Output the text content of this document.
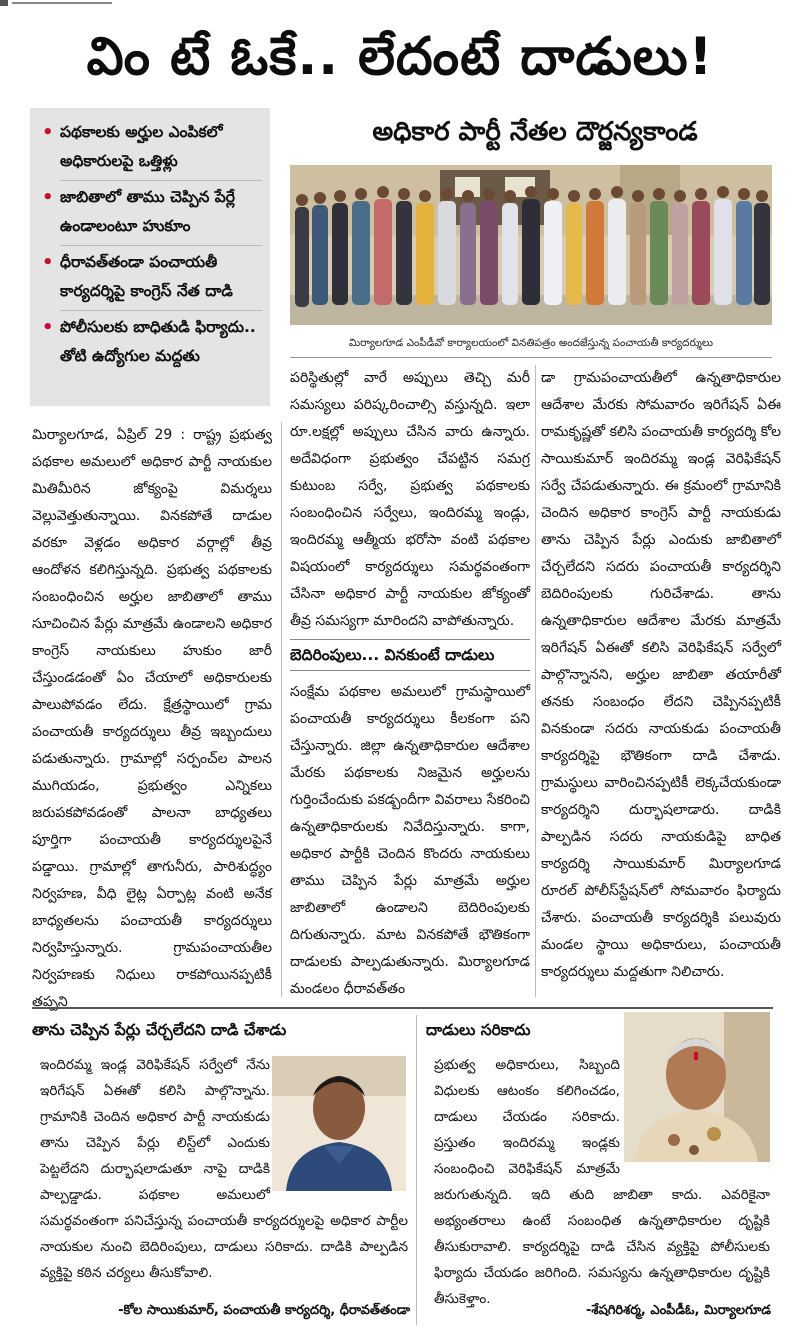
విం టే ఓకే.. లేదంటే దాడులు!
• పథకాలకు అర్హుల ఎంపికలో అధికారులపై ఒత్తిళ్లు
• జాబితాలో తాము చెప్పిన పేర్లే ఉండాలంటూ హుకూం
• ధీరావత్‌తండా పంచాయతీ కార్యదర్శిపై కాంగ్రెస్ నేత దాడి
• పోలీసులకు బాధితుడి ఫిర్యాదు.. తోటి ఉద్యోగుల మద్దతు
అధికార పార్టీ నేతల దౌర్జన్యకాండ
మిర్యాలగూడ ఎంపీడీవో కార్యాలయంలో వినతిపత్రం అందజేస్తున్న పంచాయతీ కార్యదర్శులు

మిర్యాలగూడ, ఏప్రిల్ 29 : రాష్ట్ర ప్రభుత్వ పథకాల అమలులో అధికార పార్టీ నాయకుల మితిమీరిన జోక్యంపై విమర్శలు వెల్లువెత్తుతున్నాయి. వినకపోతే దాడుల వరకూ వెళ్లడం అధికార వర్గాల్లో తీవ్ర ఆందోళన కలిగిస్తున్నది. ప్రభుత్వ పథకాలకు సంబంధించిన అర్హుల జాబితాలో తాము సూచించిన పేర్లు మాత్రమే ఉండాలని అధికార కాంగ్రెస్ నాయకులు హుకుం జారీ చేస్తుండడంతో ఏం చేయాలో అధికారులకు పాలుపోవడం లేదు. క్షేత్రస్థాయిలో గ్రామ పంచాయతీ కార్యదర్శులు తీవ్ర ఇబ్బందులు పడుతున్నారు. గ్రామాల్లో సర్పంచ్‌ల పాలన ముగియడం, ప్రభుత్వం ఎన్నికలు జరుపకపోవడంతో పాలనా బాధ్యతలు పూర్తిగా పంచాయతీ కార్యదర్శులపైనే పడ్డాయి. గ్రామాల్లో తాగునీరు, పారిశుద్ధ్యం నిర్వహణ, వీధి లైట్ల ఏర్పాట్ల వంటి అనేక బాధ్యతలను పంచాయతీ కార్యదర్శులు నిర్వహిస్తున్నారు. గ్రామపంచాయతీల నిర్వహణకు నిధులు రాకపోయినప్పటికీ తప్పని

పరిస్థితుల్లో వారే అప్పులు తెచ్చి మరీ సమస్యలు పరిష్కరించాల్సి వస్తున్నది. ఇలా రూ.లక్షల్లో అప్పులు చేసిన వారు ఉన్నారు. అదేవిధంగా ప్రభుత్వం చేపట్టిన సమగ్ర కుటుంబ సర్వే, ప్రభుత్వ పథకాలకు సంబంధించిన సర్వేలు, ఇందిరమ్మ ఇండ్లు, ఇందిరమ్మ ఆత్మీయ భరోసా వంటి పథకాల విషయంలో కార్యదర్శులు సమర్థవంతంగా చేసినా అధికార పార్టీ నాయకుల జోక్యంతో తీవ్ర సమస్యగా మారిందని వాపోతున్నారు.

బెదిరింపులు... వినకుంటే దాడులు

సంక్షేమ పథకాల అమలులో గ్రామస్థాయిలో పంచాయతీ కార్యదర్శులు కీలకంగా పని చేస్తున్నారు. జిల్లా ఉన్నతాధికారుల ఆదేశాల మేరకు పథకాలకు నిజమైన అర్హులను గుర్తించేందుకు పకడ్బందీగా వివరాలు సేకరించి ఉన్నతాధికారులకు నివేదిస్తున్నారు. కాగా, అధికార పార్టీకి చెందిన కొందరు నాయకులు తాము చెప్పిన పేర్లు మాత్రమే అర్హుల జాబితాలో ఉండాలని బెదిరింపులకు దిగుతున్నారు. మాట వినకపోతే భౌతికంగా దాడులకు పాల్పడుతున్నారు. మిర్యాలగూడ మండలం ధీరావత్‌తం

డా గ్రామపంచాయతీలో ఉన్నతాధికారుల ఆదేశాల మేరకు సోమవారం ఇరిగేషన్ ఏఈ రామకృష్ణతో కలిసి పంచాయతీ కార్యదర్శి కోల సాయికుమార్ ఇందిరమ్మ ఇండ్ల వెరిఫికేషన్ సర్వే చేపడుతున్నారు. ఈ క్రమంలో గ్రామానికి చెందిన అధికార కాంగ్రెస్ పార్టీ నాయకుడు తాను చెప్పిన పేర్లు ఎందుకు జాబితాలో చేర్చలేదని సదరు పంచాయతీ కార్యదర్శిని బెదిరింపులకు గురిచేశాడు. తాను ఉన్నతాధికారుల ఆదేశాల మేరకు మాత్రమే ఇరిగేషన్ ఏఈతో కలిసి వెరిఫికేషన్ సర్వేలో పాల్గొన్నానని, అర్హుల జాబితా తయారీతో తనకు సంబంధం లేదని చెప్పినప్పటికీ వినకుండా సదరు నాయకుడు పంచాయతీ కార్యదర్శిపై భౌతికంగా దాడి చేశాడు. గ్రామస్థులు వారించినప్పటికీ లెక్కచేయకుండా కార్యదర్శిని దుర్భాషలాడారు. దాడికి పాల్పడిన సదరు నాయకుడిపై బాధిత కార్యదర్శి సాయికుమార్ మిర్యాలగూడ రూరల్ పోలీస్‌స్టేషన్‌లో సోమవారం ఫిర్యాదు చేశారు. పంచాయతీ కార్యదర్శికి పలువురు మండల స్థాయి అధికారులు, పంచాయతీ కార్యదర్శులు మద్దతుగా నిలిచారు.

తాను చెప్పిన పేర్లు చేర్చలేదని దాడి చేశాడు
ఇందిరమ్మ ఇండ్ల వెరిఫికేషన్ సర్వేలో నేను ఇరిగేషన్ ఏఈతో కలిసి పాల్గొన్నాను. గ్రామానికి చెందిన అధికార పార్టీ నాయకుడు తాను చెప్పిన పేర్లు లిస్ట్‌లో ఎందుకు పెట్టలేదని దుర్భాషలాడుతూ నాపై దాడికి పాల్పడ్డాడు. పథకాల అమలులో సమర్థవంతంగా పనిచేస్తున్న పంచాయతీ కార్యదర్శులపై అధికార పార్టీల నాయకుల నుంచి బెదిరింపులు, దాడులు సరికాదు. దాడికి పాల్పడిన వ్యక్తిపై కఠిన చర్యలు తీసుకోవాలి.
-కోల సాయికుమార్, పంచాయతీ కార్యదర్శి, ధీరావత్‌తండా
దాడులు సరికాదు
ప్రభుత్వ అధికారులు, సిబ్బంది విధులకు ఆటంకం కలిగించడం, దాడులు చేయడం సరికాదు. ప్రస్తుతం ఇందిరమ్మ ఇండ్లకు సంబంధించి వెరిఫికేషన్ మాత్రమే జరుగుతున్నది. ఇది తుది జాబితా కాదు. ఎవరికైనా అభ్యంతరాలు ఉంటే సంబంధిత ఉన్నతాధికారుల దృష్టికి తీసుకురావాలి. కార్యదర్శిపై దాడి చేసిన వ్యక్తిపై పోలీసులకు ఫిర్యాదు చేయడం జరిగింది. సమస్యను ఉన్నతాధికారుల దృష్టికి తీసుకెళ్తాం.
-శేషగిరిశర్మ, ఎంపీడీఓ, మిర్యాలగూడ
